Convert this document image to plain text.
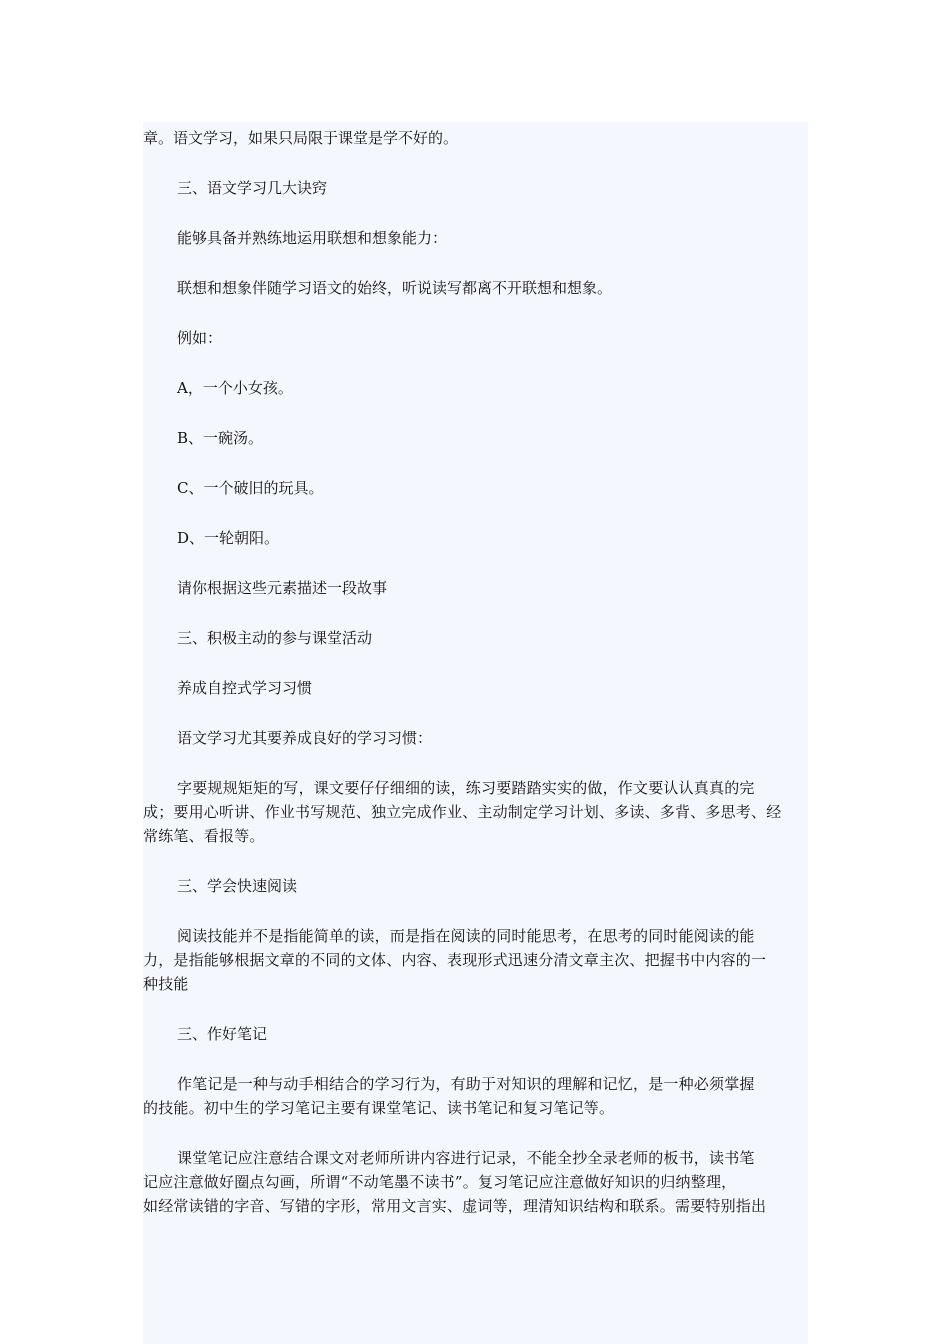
章。语文学习，如果只局限于课堂是学不好的。
三、语文学习几大诀窍
能够具备并熟练地运用联想和想象能力：
联想和想象伴随学习语文的始终，听说读写都离不开联想和想象。
例如：
A，一个小女孩。
B、一碗汤。
C、一个破旧的玩具。
D、一轮朝阳。
请你根据这些元素描述一段故事
三、积极主动的参与课堂活动
养成自控式学习习惯
语文学习尤其要养成良好的学习习惯：
字要规规矩矩的写，课文要仔仔细细的读，练习要踏踏实实的做，作文要认认真真的完
成；要用心听讲、作业书写规范、独立完成作业、主动制定学习计划、多读、多背、多思考、经
常练笔、看报等。
三、学会快速阅读
阅读技能并不是指能简单的读，而是指在阅读的同时能思考，在思考的同时能阅读的能
力，是指能够根据文章的不同的文体、内容、表现形式迅速分清文章主次、把握书中内容的一
种技能
三、作好笔记
作笔记是一种与动手相结合的学习行为，有助于对知识的理解和记忆，是一种必须掌握
的技能。初中生的学习笔记主要有课堂笔记、读书笔记和复习笔记等。
课堂笔记应注意结合课文对老师所讲内容进行记录，不能全抄全录老师的板书，读书笔
记应注意做好圈点勾画，所谓“不动笔墨不读书”。复习笔记应注意做好知识的归纳整理，
如经常读错的字音、写错的字形，常用文言实、虚词等，理清知识结构和联系。需要特别指出
